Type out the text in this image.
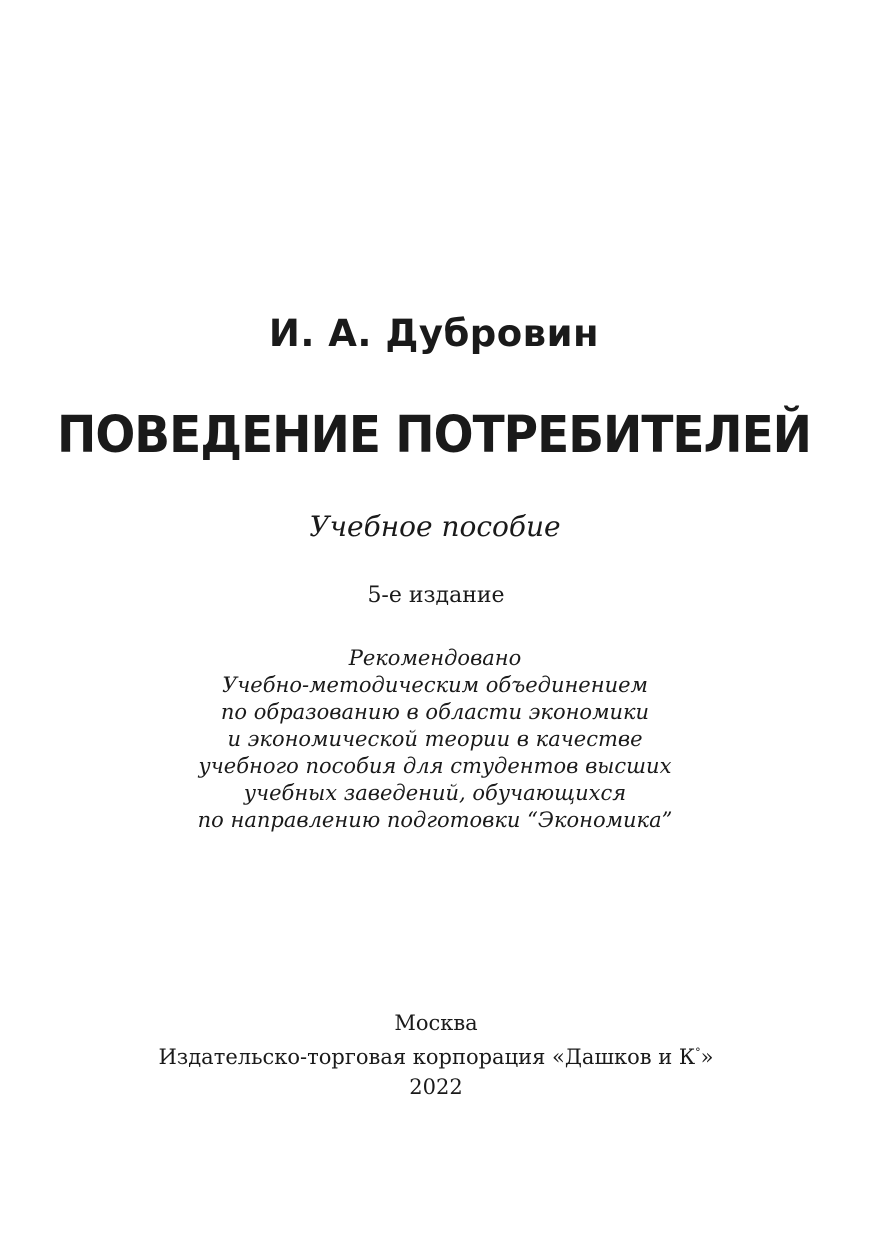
И. А. Дубровин
ПОВЕДЕНИЕ ПОТРЕБИТЕЛЕЙ
Учебное пособие
5-е издание
Рекомендовано
Учебно-методическим объединением
по образованию в области экономики
и экономической теории в качестве
учебного пособия для студентов высших
учебных заведений, обучающихся
по направлению подготовки “Экономика”
Москва
Издательско-торговая корпорация «Дашков и К°»
2022
